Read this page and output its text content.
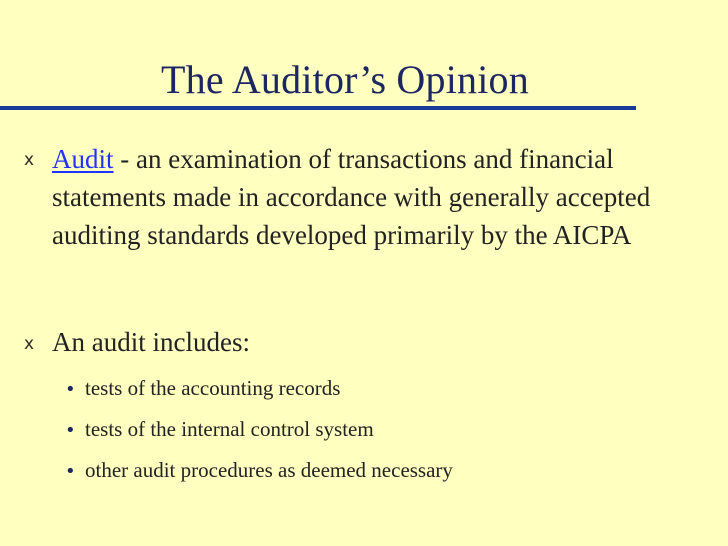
The Auditor’s Opinion
x Audit - an examination of transactions and financial statements made in accordance with generally accepted auditing standards developed primarily by the AICPA
x An audit includes:
• tests of the accounting records
• tests of the internal control system
• other audit procedures as deemed necessary
